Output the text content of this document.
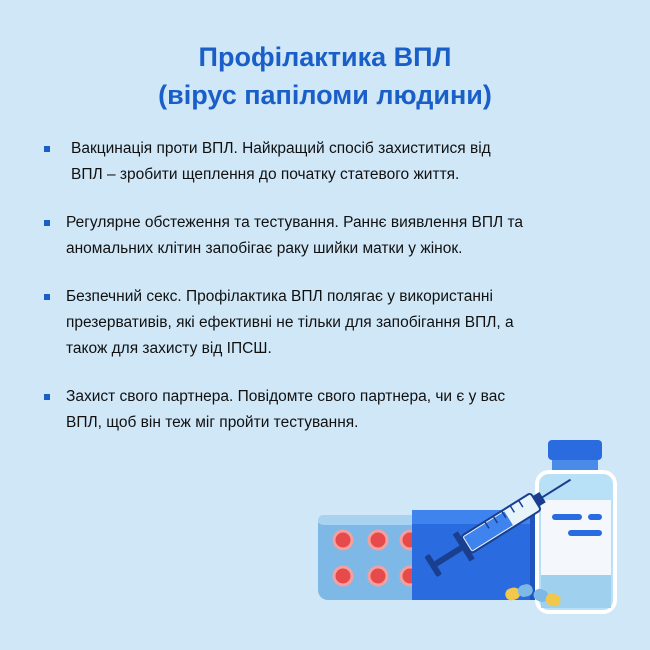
Профілактика ВПЛ
(вірус папіломи людини)
Вакцинація проти ВПЛ. Найкращий спосіб захиститися від
ВПЛ – зробити щеплення до початку статевого життя.
Регулярне обстеження та тестування. Раннє виявлення ВПЛ та
аномальних клітин запобігає раку шийки матки у жінок.
Безпечний секс. Профілактика ВПЛ полягає у використанні
презервативів, які ефективні не тільки для запобігання ВПЛ, а
також для захисту від ІПСШ.
Захист свого партнера. Повідомте свого партнера, чи є у вас
ВПЛ, щоб він теж міг пройти тестування.
